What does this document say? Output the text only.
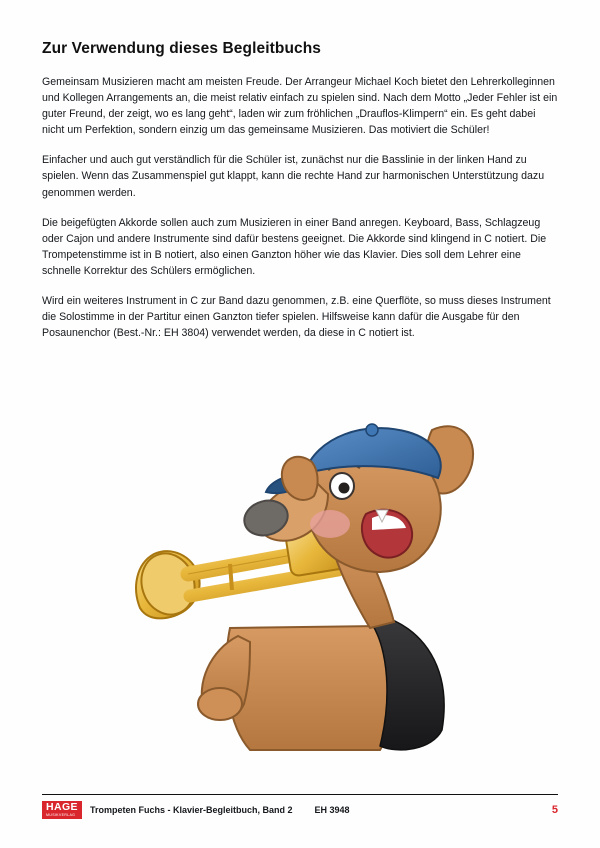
Zur Verwendung dieses Begleitbuchs

Gemeinsam Musizieren macht am meisten Freude. Der Arrangeur Michael Koch bietet den Lehrerkolleginnen und Kollegen Arrangements an, die meist relativ einfach zu spielen sind. Nach dem Motto „Jeder Fehler ist ein guter Freund, der zeigt, wo es lang geht“, laden wir zum fröhlichen „Drauflos-Klimpern“ ein. Es geht dabei nicht um Perfektion, sondern einzig um das gemeinsame Musizieren. Das motiviert die Schüler!

Einfacher und auch gut verständlich für die Schüler ist, zunächst nur die Basslinie in der linken Hand zu spielen. Wenn das Zusammenspiel gut klappt, kann die rechte Hand zur harmonischen Unterstützung dazu genommen werden.

Die beigefügten Akkorde sollen auch zum Musizieren in einer Band anregen. Keyboard, Bass, Schlagzeug oder Cajon und andere Instrumente sind dafür bestens geeignet. Die Akkorde sind klingend in C notiert. Die Trompetenstimme ist in B notiert, also einen Ganzton höher wie das Klavier. Dies soll dem Lehrer eine schnelle Korrektur des Schülers ermöglichen.

Wird ein weiteres Instrument in C zur Band dazu genommen, z.B. eine Querflöte, so muss dieses Instrument die Solostimme in der Partitur einen Ganzton tiefer spielen. Hilfsweise kann dafür die Ausgabe für den Posaunenchor (Best.-Nr.: EH 3804) verwendet werden, da diese in C notiert ist.

HAGE
MUSIKVERLAG Trompeten Fuchs - Klavier-Begleitbuch, Band 2 EH 3948	5
